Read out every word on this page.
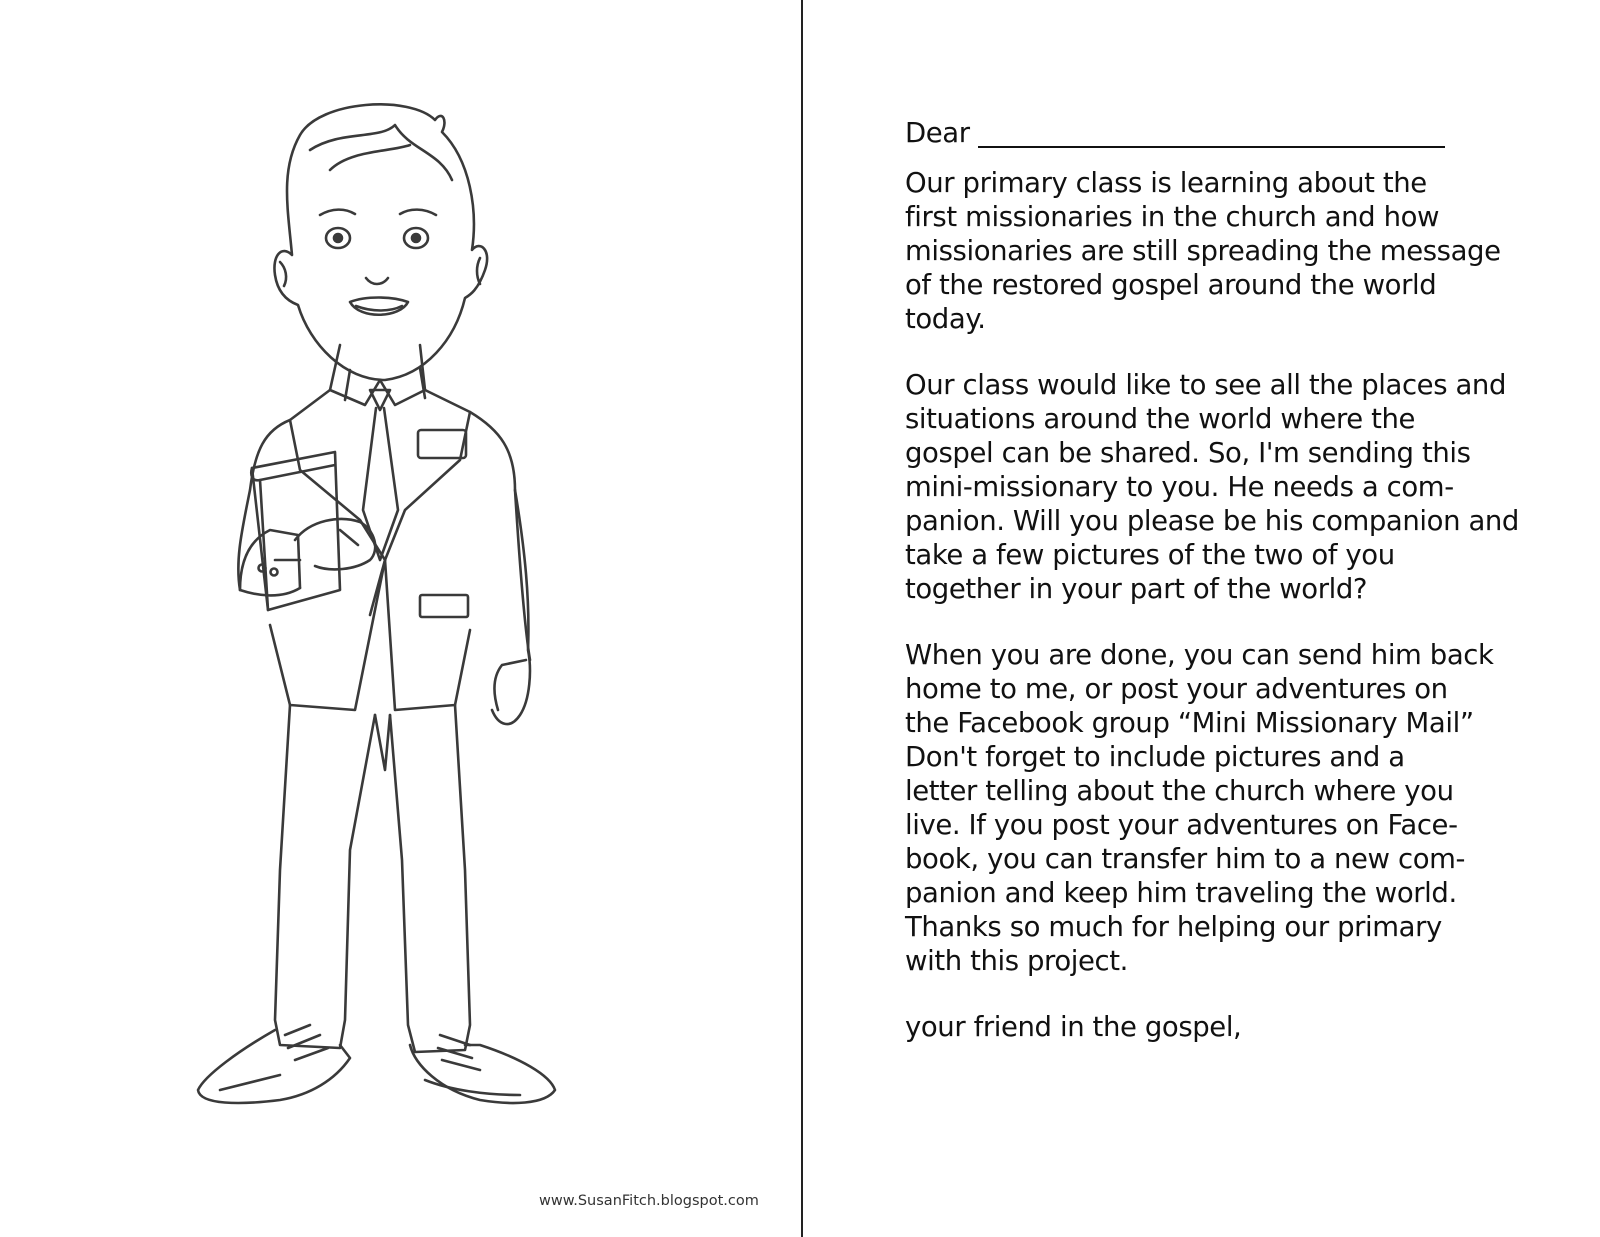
www.SusanFitch.blogspot.com
Dear
Our primary class is learning about the
first missionaries in the church and how
missionaries are still spreading the message
of the restored gospel around the world
today.
Our class would like to see all the places and
situations around the world where the
gospel can be shared. So, I'm sending this
mini-missionary to you. He needs a com-
panion. Will you please be his companion and
take a few pictures of the two of you
together in your part of the world?
When you are done, you can send him back
home to me, or post your adventures on
the Facebook group “Mini Missionary Mail”
Don't forget to include pictures and a
letter telling about the church where you
live. If you post your adventures on Face-
book, you can transfer him to a new com-
panion and keep him traveling the world.
Thanks so much for helping our primary
with this project.
your friend in the gospel,
